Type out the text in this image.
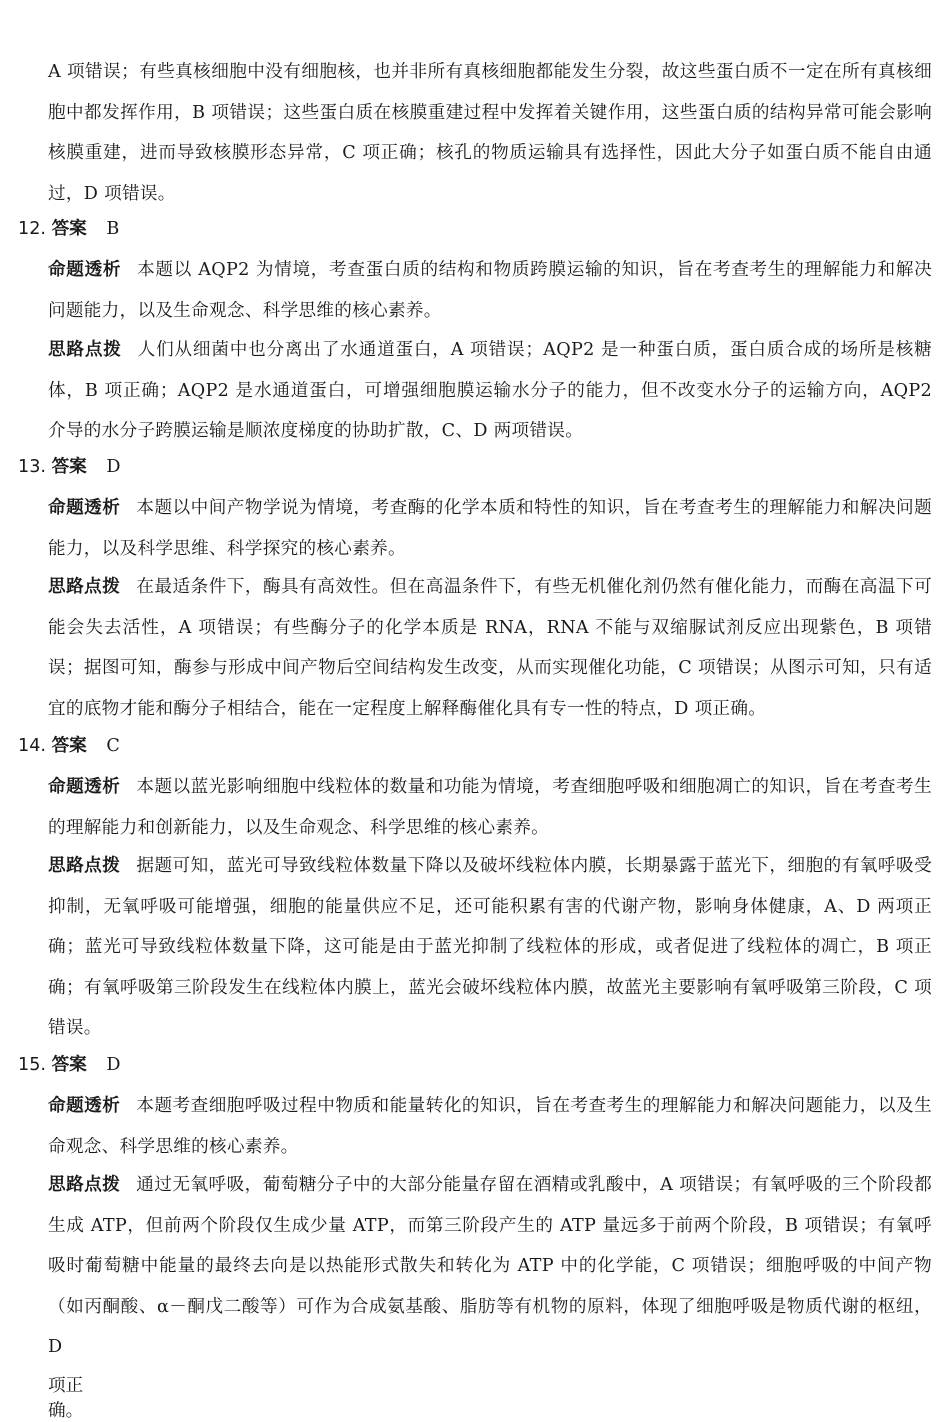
A 项错误；有些真核细胞中没有细胞核，也并非所有真核细胞都能发生分裂，故这些蛋白质不一定在所有真核细胞中都发挥作用，B 项错误；这些蛋白质在核膜重建过程中发挥着关键作用，这些蛋白质的结构异常可能会影响核膜重建，进而导致核膜形态异常，C 项正确；核孔的物质运输具有选择性，因此大分子如蛋白质不能自由通过，D 项错误。

12. 答案 B

命题透析 本题以 AQP2 为情境，考查蛋白质的结构和物质跨膜运输的知识，旨在考查考生的理解能力和解决问题能力，以及生命观念、科学思维的核心素养。

思路点拨 人们从细菌中也分离出了水通道蛋白，A 项错误；AQP2 是一种蛋白质，蛋白质合成的场所是核糖体，B 项正确；AQP2 是水通道蛋白，可增强细胞膜运输水分子的能力，但不改变水分子的运输方向，AQP2 介导的水分子跨膜运输是顺浓度梯度的协助扩散，C、D 两项错误。

13. 答案 D

命题透析 本题以中间产物学说为情境，考查酶的化学本质和特性的知识，旨在考查考生的理解能力和解决问题能力，以及科学思维、科学探究的核心素养。

思路点拨 在最适条件下，酶具有高效性。但在高温条件下，有些无机催化剂仍然有催化能力，而酶在高温下可能会失去活性，A 项错误；有些酶分子的化学本质是 RNA，RNA 不能与双缩脲试剂反应出现紫色，B 项错误；据图可知，酶参与形成中间产物后空间结构发生改变，从而实现催化功能，C 项错误；从图示可知，只有适宜的底物才能和酶分子相结合，能在一定程度上解释酶催化具有专一性的特点，D 项正确。

14. 答案 C

命题透析 本题以蓝光影响细胞中线粒体的数量和功能为情境，考查细胞呼吸和细胞凋亡的知识，旨在考查考生的理解能力和创新能力，以及生命观念、科学思维的核心素养。

思路点拨 据题可知，蓝光可导致线粒体数量下降以及破坏线粒体内膜，长期暴露于蓝光下，细胞的有氧呼吸受抑制，无氧呼吸可能增强，细胞的能量供应不足，还可能积累有害的代谢产物，影响身体健康，A、D 两项正确；蓝光可导致线粒体数量下降，这可能是由于蓝光抑制了线粒体的形成，或者促进了线粒体的凋亡，B 项正确；有氧呼吸第三阶段发生在线粒体内膜上，蓝光会破坏线粒体内膜，故蓝光主要影响有氧呼吸第三阶段，C 项错误。

15. 答案 D

命题透析 本题考查细胞呼吸过程中物质和能量转化的知识，旨在考查考生的理解能力和解决问题能力，以及生命观念、科学思维的核心素养。

思路点拨 通过无氧呼吸，葡萄糖分子中的大部分能量存留在酒精或乳酸中，A 项错误；有氧呼吸的三个阶段都生成 ATP，但前两个阶段仅生成少量 ATP，而第三阶段产生的 ATP 量远多于前两个阶段，B 项错误；有氧呼吸时葡萄糖中能量的最终去向是以热能形式散失和转化为 ATP 中的化学能，C 项错误；细胞呼吸的中间产物（如丙酮酸、α－酮戊二酸等）可作为合成氨基酸、脂肪等有机物的原料，体现了细胞呼吸是物质代谢的枢纽，D

项正确。
